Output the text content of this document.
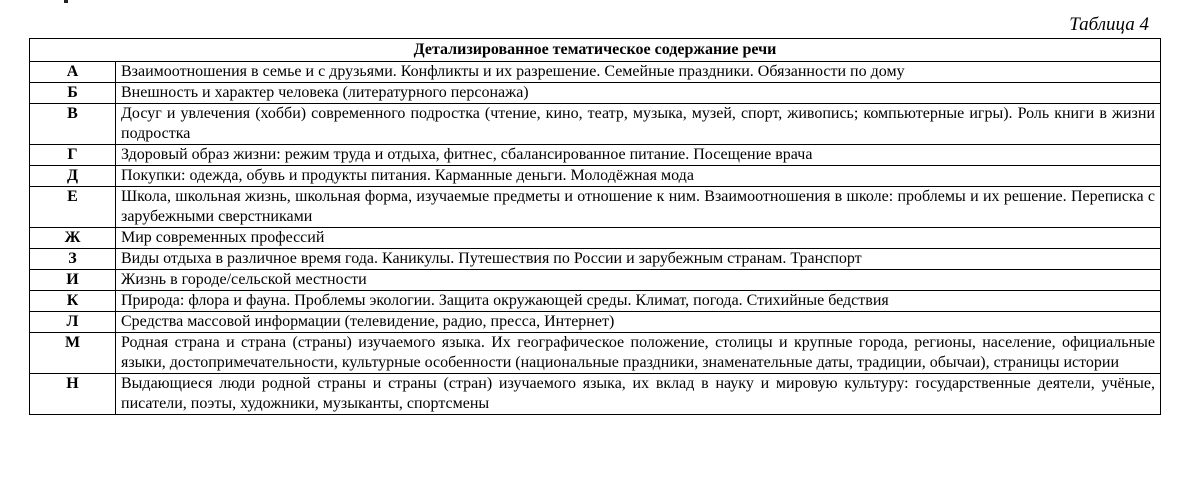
Таблица 4
Детализированное тематическое содержание речи	
А	Взаимоотношения в семье и с друзьями. Конфликты и их разрешение. Семейные праздники. Обязанности по дому
Б	Внешность и характер человека (литературного персонажа)
В	Досуг и увлечения (хобби) современного подростка (чтение, кино, театр, музыка, музей, спорт, живопись; компьютерные игры). Роль книги в жизни подростка
Г	Здоровый образ жизни: режим труда и отдыха, фитнес, сбалансированное питание. Посещение врача
Д	Покупки: одежда, обувь и продукты питания. Карманные деньги. Молодёжная мода
Е	Школа, школьная жизнь, школьная форма, изучаемые предметы и отношение к ним. Взаимоотношения в школе: проблемы и их решение. Переписка с зарубежными сверстниками
Ж	Мир современных профессий
З	Виды отдыха в различное время года. Каникулы. Путешествия по России и зарубежным странам. Транспорт
И	Жизнь в городе/сельской местности
К	Природа: флора и фауна. Проблемы экологии. Защита окружающей среды. Климат, погода. Стихийные бедствия
Л	Средства массовой информации (телевидение, радио, пресса, Интернет)
М	Родная страна и страна (страны) изучаемого языка. Их географическое положение, столицы и крупные города, регионы, население, официальные языки, достопримечательности, культурные особенности (национальные праздники, знаменательные даты, традиции, обычаи), страницы истории
Н	Выдающиеся люди родной страны и страны (стран) изучаемого языка, их вклад в науку и мировую культуру: государственные деятели, учёные, писатели, поэты, художники, музыканты, спортсмены
